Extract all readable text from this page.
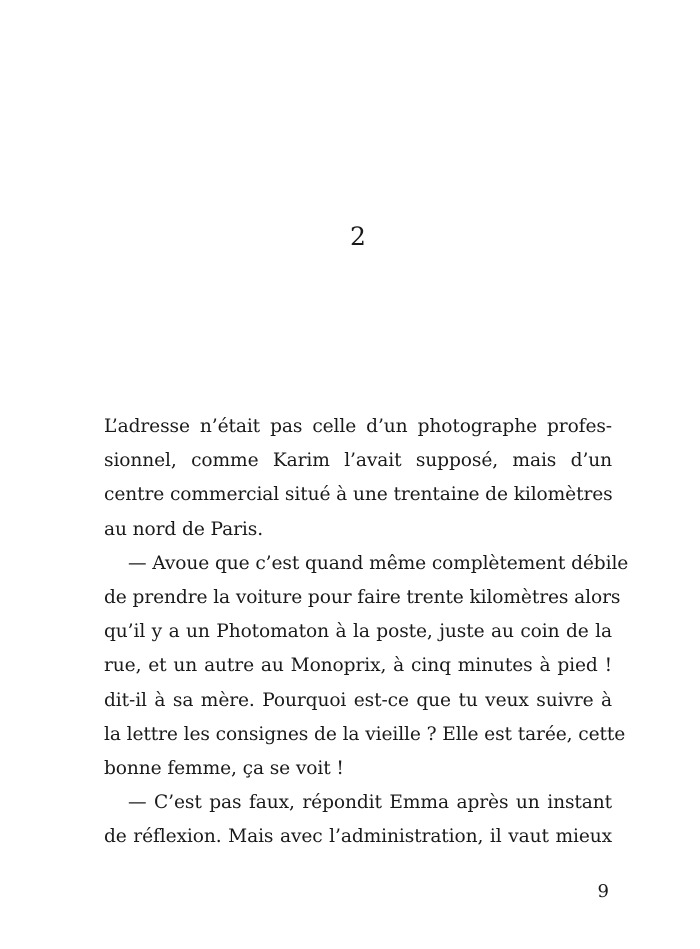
2
L’adresse n’était pas celle d’un photographe profes-
sionnel, comme Karim l’avait supposé, mais d’un
centre commercial situé à une trentaine de kilomètres
au nord de Paris.
— Avoue que c’est quand même complètement débile
de prendre la voiture pour faire trente kilomètres alors
qu’il y a un Photomaton à la poste, juste au coin de la
rue, et un autre au Monoprix, à cinq minutes à pied !
dit-il à sa mère. Pourquoi est-ce que tu veux suivre à
la lettre les consignes de la vieille ? Elle est tarée, cette
bonne femme, ça se voit !
— C’est pas faux, répondit Emma après un instant
de réflexion. Mais avec l’administration, il vaut mieux
9
